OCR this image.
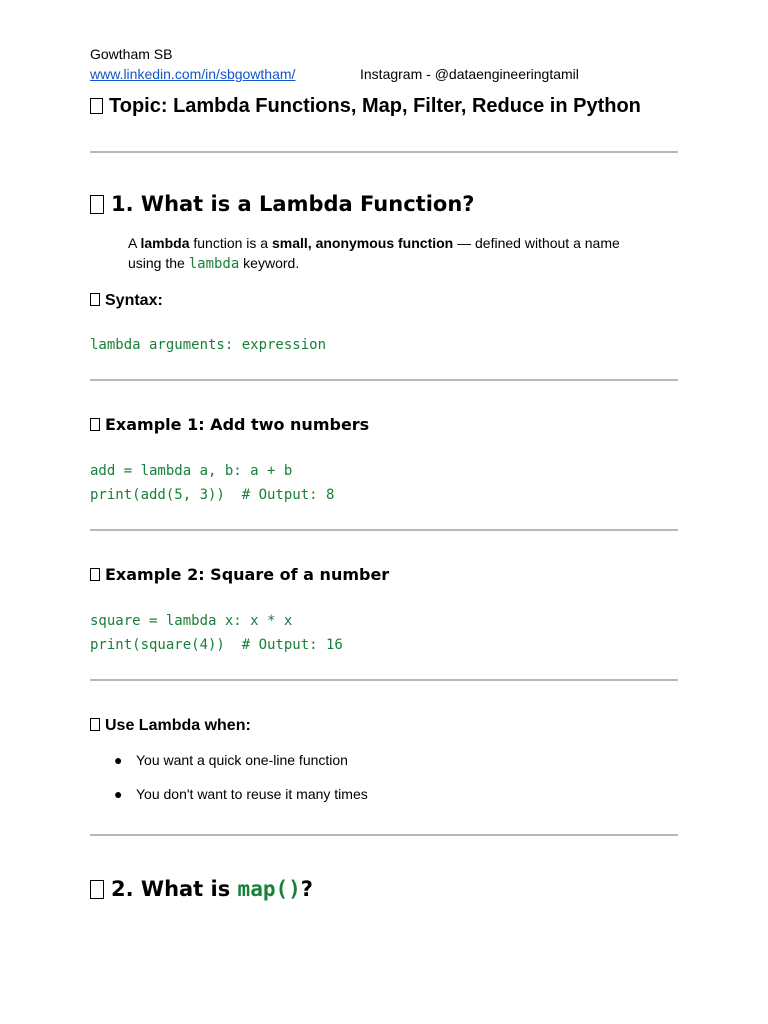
Gowtham SB
www.linkedin.com/in/sbgowtham/	Instagram - @dataengineeringtamil
Topic: Lambda Functions, Map, Filter, Reduce in Python
1. What is a Lambda Function?
A lambda function is a small, anonymous function — defined without a name using the lambda keyword.
Syntax:
lambda arguments: expression
Example 1: Add two numbers
add = lambda a, b: a + b
print(add(5, 3))  # Output: 8
Example 2: Square of a number
square = lambda x: x * x
print(square(4))  # Output: 16
Use Lambda when:
● You want a quick one-line function
● You don't want to reuse it many times
2. What is map()?
